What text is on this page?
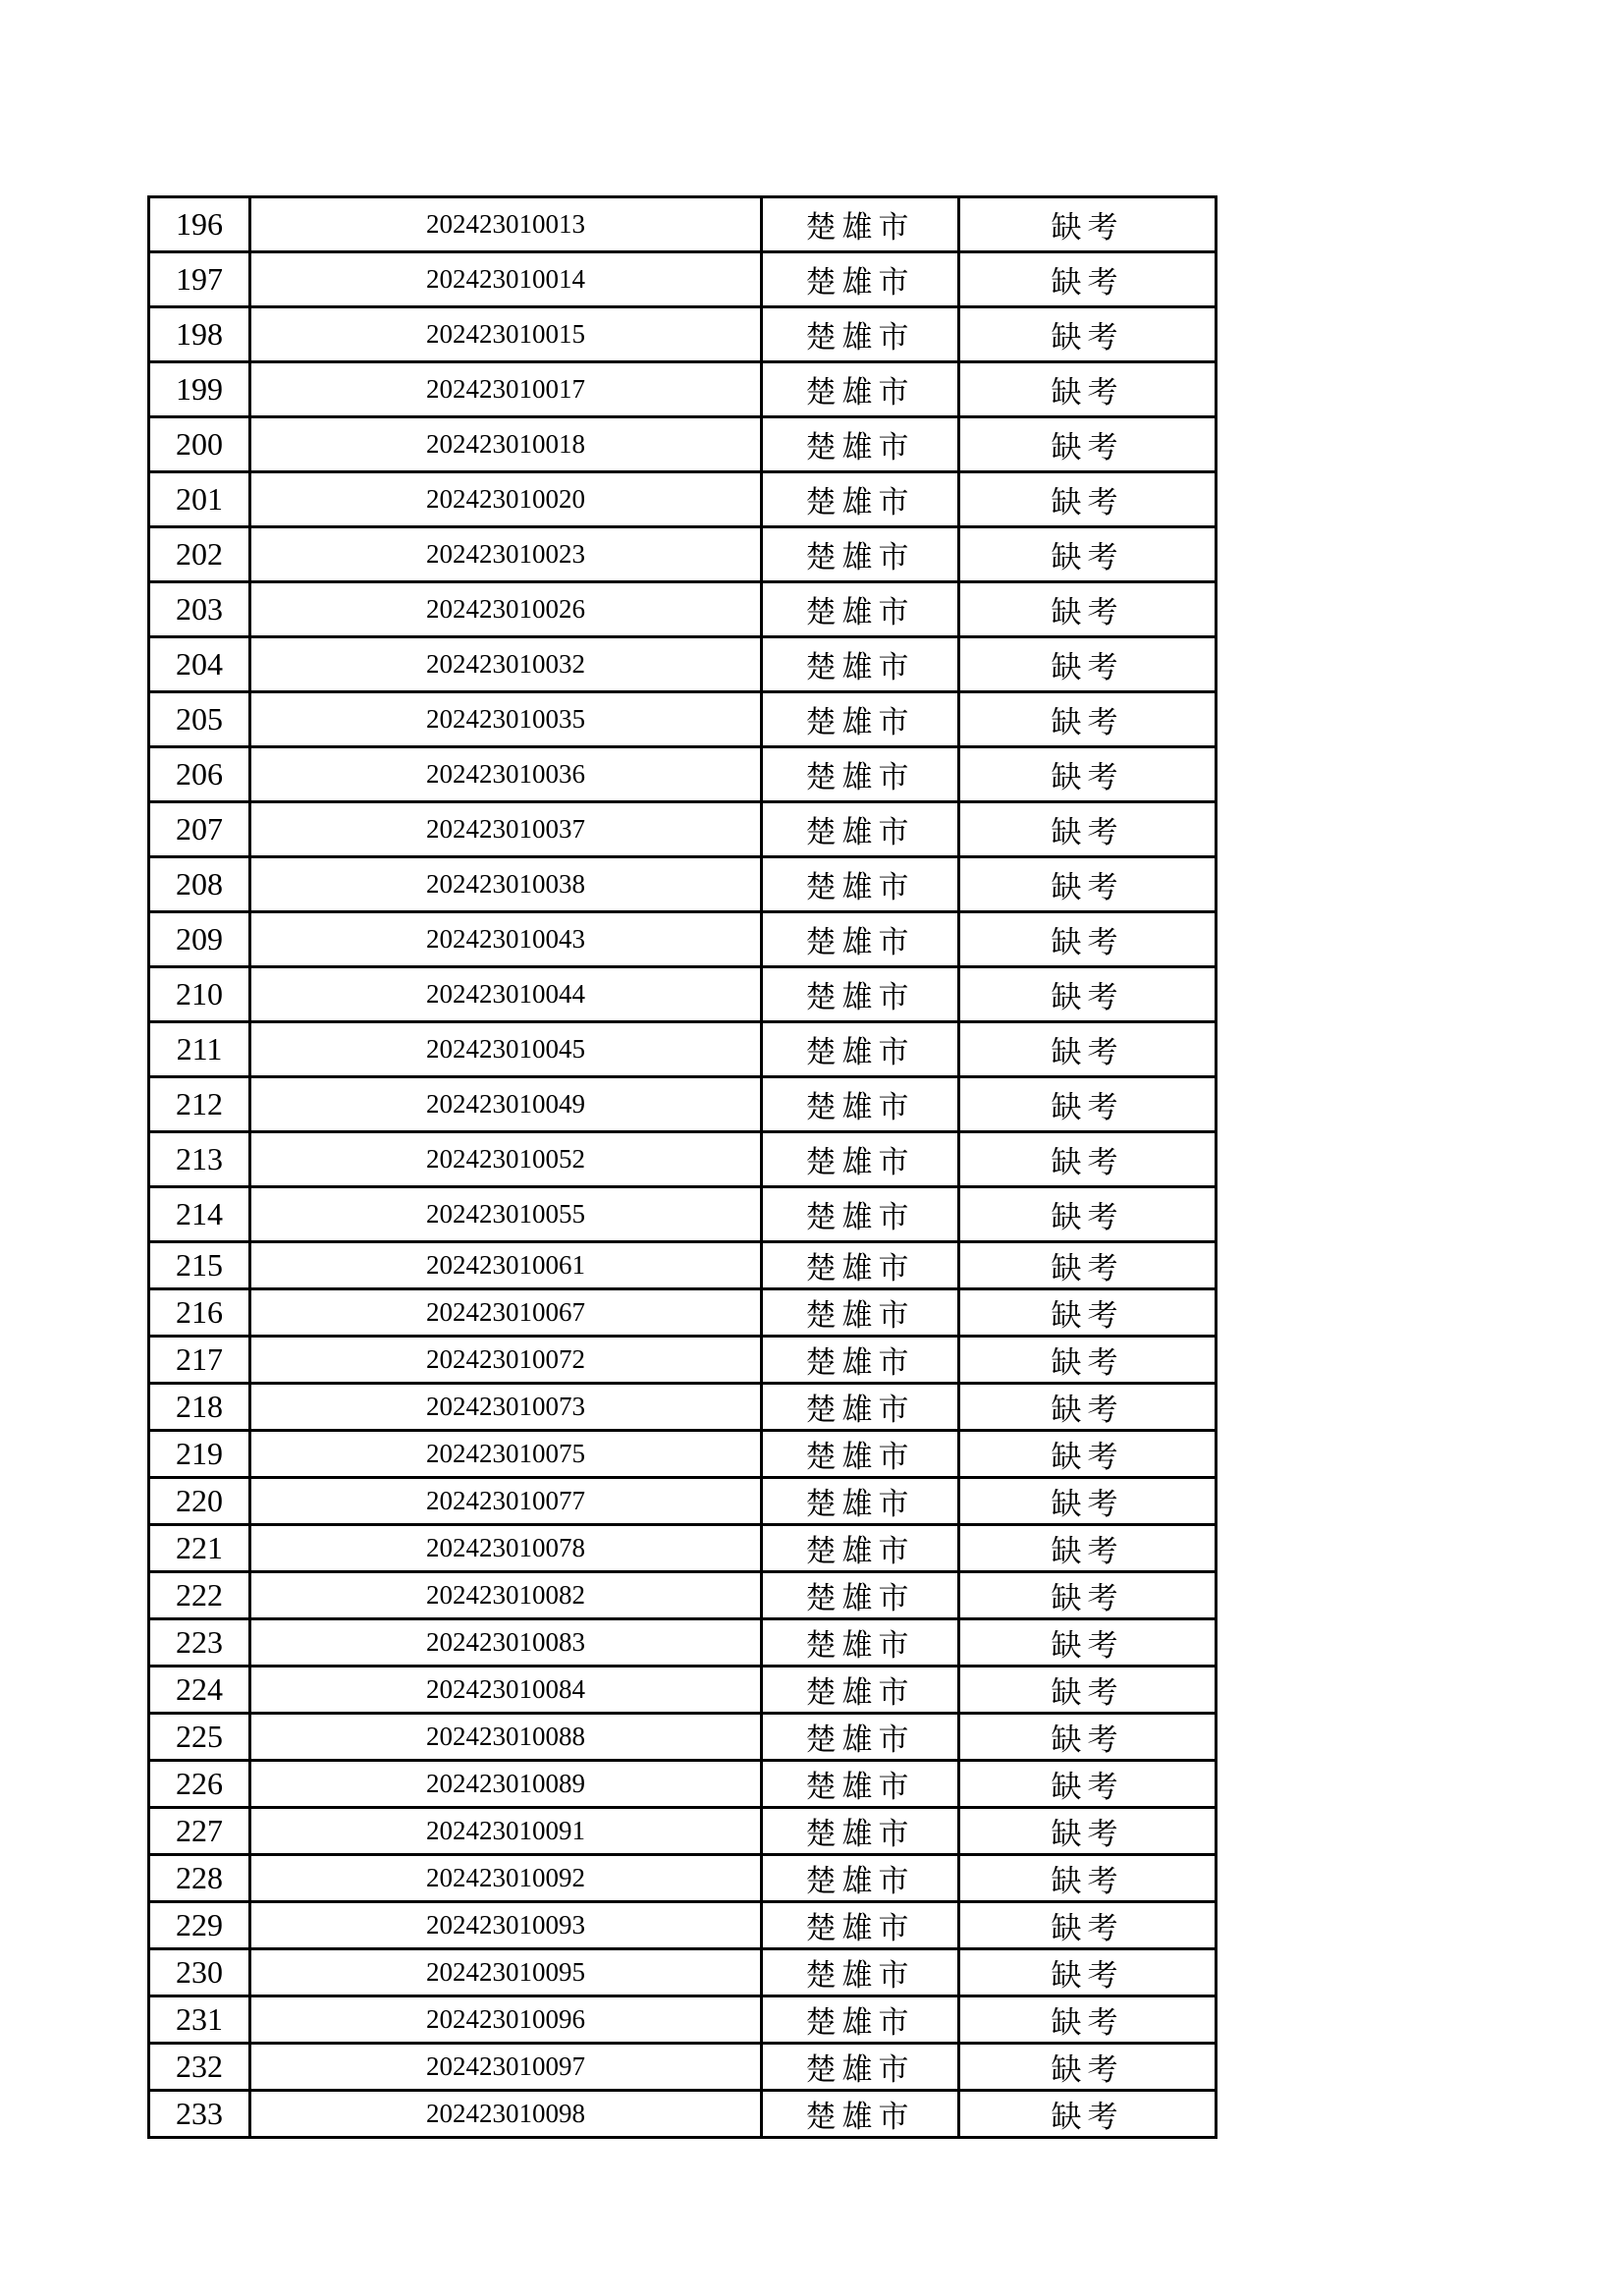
196	202423010013	楚雄市	缺考
197	202423010014	楚雄市	缺考
198	202423010015	楚雄市	缺考
199	202423010017	楚雄市	缺考
200	202423010018	楚雄市	缺考
201	202423010020	楚雄市	缺考
202	202423010023	楚雄市	缺考
203	202423010026	楚雄市	缺考
204	202423010032	楚雄市	缺考
205	202423010035	楚雄市	缺考
206	202423010036	楚雄市	缺考
207	202423010037	楚雄市	缺考
208	202423010038	楚雄市	缺考
209	202423010043	楚雄市	缺考
210	202423010044	楚雄市	缺考
211	202423010045	楚雄市	缺考
212	202423010049	楚雄市	缺考
213	202423010052	楚雄市	缺考
214	202423010055	楚雄市	缺考
215	202423010061	楚雄市	缺考
216	202423010067	楚雄市	缺考
217	202423010072	楚雄市	缺考
218	202423010073	楚雄市	缺考
219	202423010075	楚雄市	缺考
220	202423010077	楚雄市	缺考
221	202423010078	楚雄市	缺考
222	202423010082	楚雄市	缺考
223	202423010083	楚雄市	缺考
224	202423010084	楚雄市	缺考
225	202423010088	楚雄市	缺考
226	202423010089	楚雄市	缺考
227	202423010091	楚雄市	缺考
228	202423010092	楚雄市	缺考
229	202423010093	楚雄市	缺考
230	202423010095	楚雄市	缺考
231	202423010096	楚雄市	缺考
232	202423010097	楚雄市	缺考
233	202423010098	楚雄市	缺考
